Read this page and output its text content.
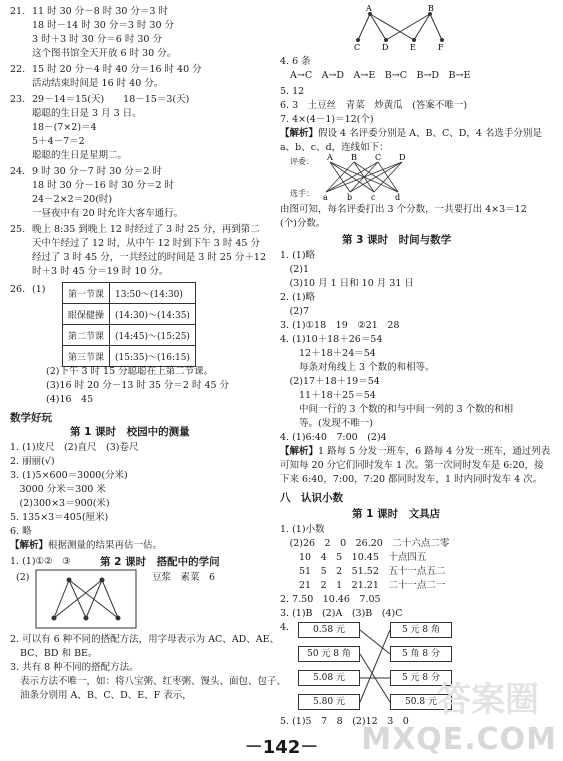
21. 11 时 30 分－8 时 30 分＝3 时
18 时－14 时 30 分＝3 时 30 分
3 时＋3 时 30 分＝6 时 30 分
这个图书馆全天开放 6 时 30 分。
22. 15 时 20 分－4 时 40 分＝16 时 40 分
活动结束时间是 16 时 40 分。
23. 29－14＝15(天)　　18－15＝3(天)
聪聪的生日是 3 月 3 日。
18－(7×2)＝4
5＋4－7＝2
聪聪的生日是星期二。
24. 9 时 30 分－7 时 30 分＝2 时
18 时 30 分－16 时 30 分＝2 时
24－2×2＝20(时)
一昼夜中有 20 时允许大客车通行。
25. 晚上 8:35 到晚上 12 时经过了 3 时 25 分，再到第二
天中午经过了 12 时，从中午 12 时到下午 3 时 45 分
经过了 3 时 45 分，一共经过的时间是 3 时 25 分＋12
时＋3 时 45 分＝19 时 10 分。
26. (1)	第一节课	13:50～(14:30)
眼保健操	(14:30)～(14:35)
第二节课	(14:45)～(15:25)
第三节课	(15:35)～(16:15)
(2)下午 3 时 15 分聪聪在上第二节课。
(3)16 时 20 分－13 时 35 分＝2 时 45 分
(4)16　45
数学好玩
第 1 课时　校园中的测量
1. (1)皮尺　(2)直尺　(3)卷尺
2. 丽丽(√)
3. (1)5×600＝3000(分米)
　3000 分米＝300 米
　(2)300×3＝900(米)
5. 135×3＝405(厘米)
6. 略
【解析】根据测量的结果再估一估。
1. (1)①②　③	第 2 课时　搭配中的学问
(2)	豆浆　素菜　6
2. 可以有 6 种不同的搭配方法，用字母表示为 AC、AD、AE、
BC、BD 和 BE。
3. 共有 8 种不同的搭配方法。
表示方法不唯一，如：将八宝粥、红枣粥、馒头、面包、包子、
油条分别用 A、B、C、D、E、F 表示，
A	B
C	D	E	F
4. 6 条
A→C　A→D　A→E　B→C　B→D　B→E
5. 12
6. 3　土豆丝　青菜　炒黄瓜　(答案不唯一)
7. 4×(4－1)＝12(个)
【解析】假设 4 名评委分别是 A、B、C、D，4 名选手分别是
a、b、c、d，连线如下：
评委：
选手：
A B C D
a b c d
由图可知，每名评委打出 3 个分数，一共要打出 4×3＝12
(个)分数。
第 3 课时　时间与数学
1. (1)略
　(2)1
　(3)10 月 1 日和 10 月 31 日
2. (1)略
　(2)7
3. (1)①18　19　②21　28
4. (1)10＋18＋26＝54
　　12＋18＋24＝54
　　每条对角线上 3 个数的和相等。
　(2)17＋18＋19＝54
　　11＋18＋25＝54
　　中间一行的 3 个数的和与中间一列的 3 个数的和相
　　等。(发现不唯一)
4. (1)6:40　7:00　(2)4
【解析】1 路每 5 分发一班车，6 路每 4 分发一班车，通过列表
可知每 20 分它们同时发车 1 次。第一次同时发车是 6:20，接
下来 6:40，7:00，7:20 都同时发车，1 时内同时发车 4 次。
八　认识小数
第 1 课时　文具店
1. (1)小数
　(2)26　2　0　26.20　二十六点二零
　　10　4　5　10.45　十点四五
　　51　5　2　51.52　五十一点五二
　　21　2　1　21.21　二十一点二一
2. 7.50　10.46　7.05
3. (1)B　(2)A　(3)B　(4)C
4.	0.58 元
50 元 8 角
5.08 元
5.80 元
5 元 8 角
5 角 8 分
5 元 8 分
50.8 元
5. (1)5　7　8　(2)12　3　0
－142－
答案圈
MXQE.COM
